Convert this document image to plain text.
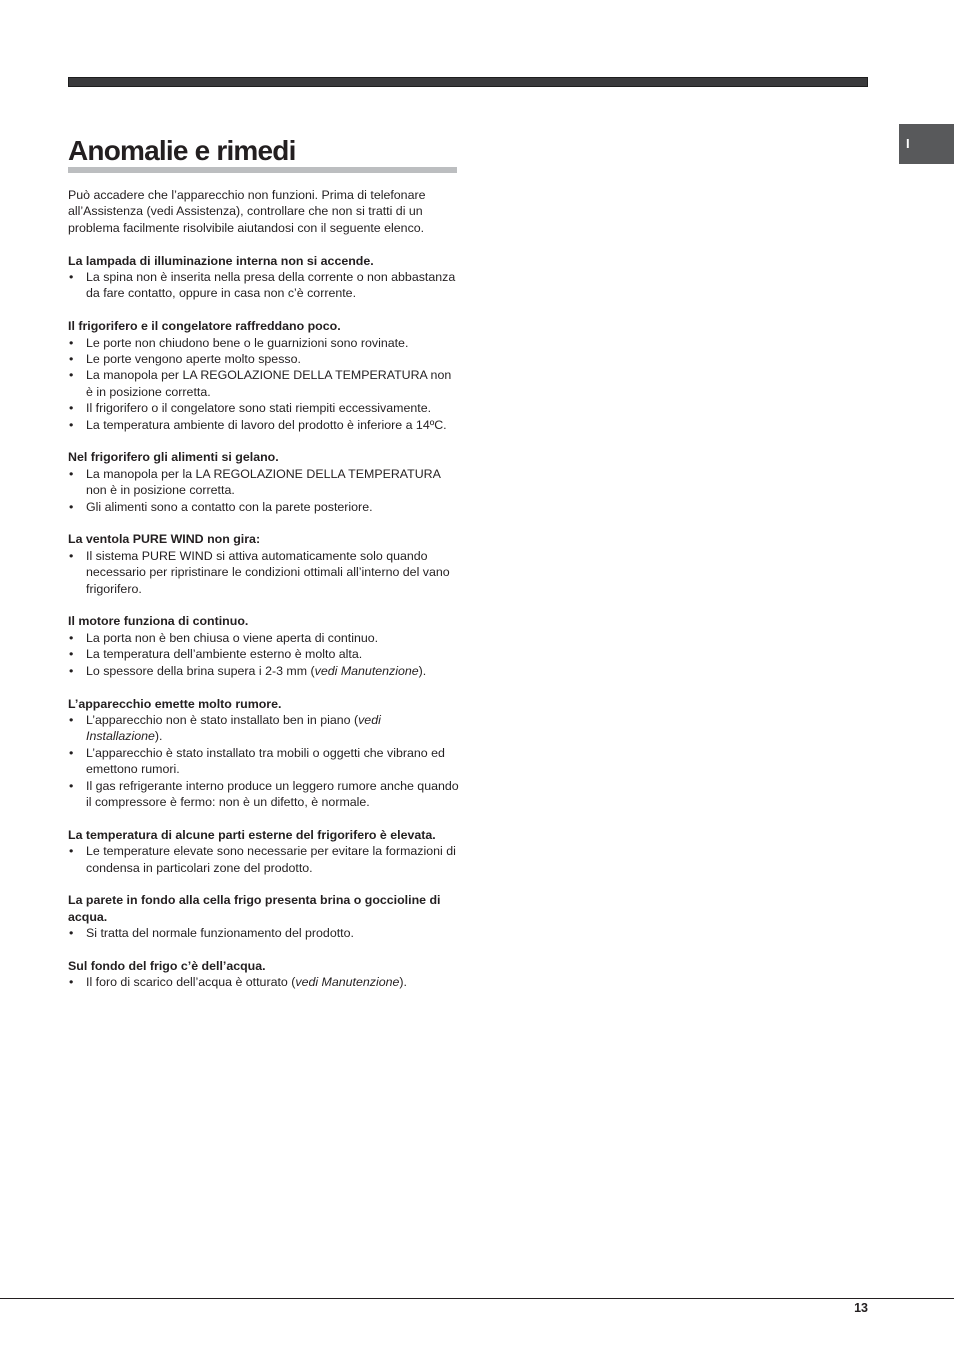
I
Anomalie e rimedi

Può accadere che l’apparecchio non funzioni. Prima di telefonare all’Assistenza (vedi Assistenza), controllare che non si tratti di un problema facilmente risolvibile aiutandosi con il seguente elenco.

La lampada di illuminazione interna non si accende.

• La spina non è inserita nella presa della corrente o non abbastanza da fare contatto, oppure in casa non c’è corrente.

Il frigorifero e il congelatore raffreddano poco.

• Le porte non chiudono bene o le guarnizioni sono rovinate.
• Le porte vengono aperte molto spesso.
• La manopola per LA REGOLAZIONE DELLA TEMPERATURA non è in posizione corretta.
• Il frigorifero o il congelatore sono stati riempiti eccessivamente.
• La temperatura ambiente di lavoro del prodotto è inferiore a 14ºC.

Nel frigorifero gli alimenti si gelano.

• La manopola per la LA REGOLAZIONE DELLA TEMPERATURA non è in posizione corretta.
• Gli alimenti sono a contatto con la parete posteriore.

La ventola PURE WIND non gira:

• Il sistema PURE WIND si attiva automaticamente solo quando necessario per ripristinare le condizioni ottimali all’interno del vano frigorifero.

Il motore funziona di continuo.

• La porta non è ben chiusa o viene aperta di continuo.
• La temperatura dell’ambiente esterno è molto alta.
• Lo spessore della brina supera i 2-3 mm (vedi Manutenzione).

L’apparecchio emette molto rumore.

• L’apparecchio non è stato installato ben in piano (vedi Installazione).
• L’apparecchio è stato installato tra mobili o oggetti che vibrano ed emettono rumori.
• Il gas refrigerante interno produce un leggero rumore anche quando il compressore è fermo: non è un difetto, è normale.

La temperatura di alcune parti esterne del frigorifero è elevata.

• Le temperature elevate sono necessarie per evitare la formazioni di condensa in particolari zone del prodotto.

La parete in fondo alla cella frigo presenta brina o goccioline di acqua.

• Si tratta del normale funzionamento del prodotto.

Sul fondo del frigo c’è dell’acqua.

• Il foro di scarico dell’acqua è otturato (vedi Manutenzione).
13
